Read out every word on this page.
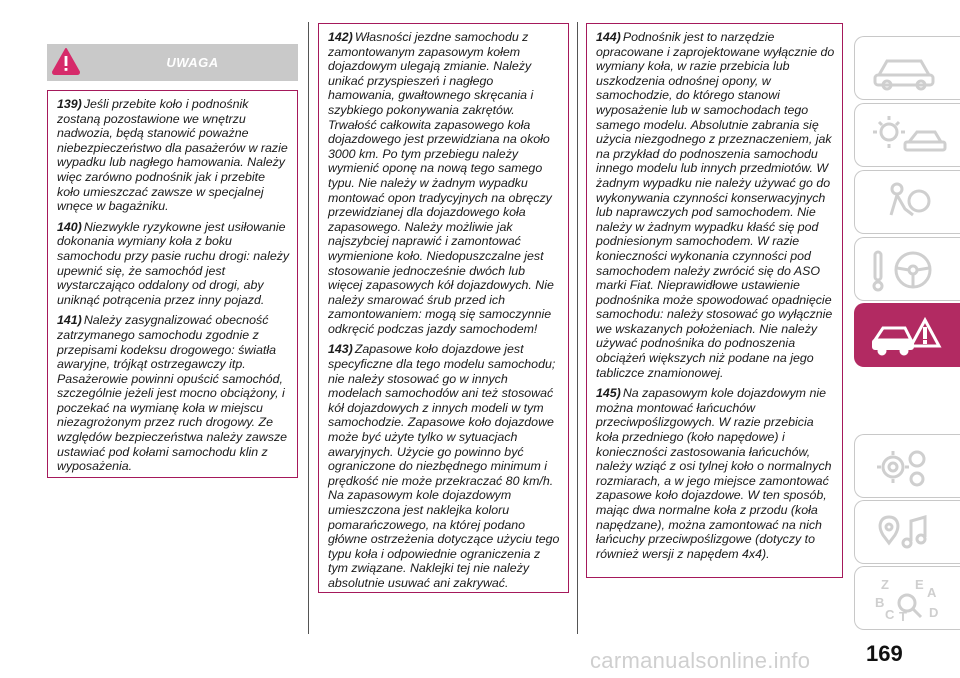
UWAGA

139) Jeśli przebite koło i podnośnik zostaną pozostawione we wnętrzu nadwozia, będą stanowić poważne niebezpieczeństwo dla pasażerów w razie wypadku lub nagłego hamowania. Należy więc zarówno podnośnik jak i przebite koło umieszczać zawsze w specjalnej wnęce w bagażniku.

140) Niezwykle ryzykowne jest usiłowanie dokonania wymiany koła z boku samochodu przy pasie ruchu drogi: należy upewnić się, że samochód jest wystarczająco oddalony od drogi, aby uniknąć potrącenia przez inny pojazd.

141) Należy zasygnalizować obecność zatrzymanego samochodu zgodnie z przepisami kodeksu drogowego: światła awaryjne, trójkąt ostrzegawczy itp. Pasażerowie powinni opuścić samochód, szczególnie jeżeli jest mocno obciążony, i poczekać na wymianę koła w miejscu niezagrożonym przez ruch drogowy. Ze względów bezpieczeństwa należy zawsze ustawiać pod kołami samochodu klin z wyposażenia.

142) Własności jezdne samochodu z zamontowanym zapasowym kołem dojazdowym ulegają zmianie. Należy unikać przyspieszeń i nagłego hamowania, gwałtownego skręcania i szybkiego pokonywania zakrętów. Trwałość całkowita zapasowego koła dojazdowego jest przewidziana na około 3000 km. Po tym przebiegu należy wymienić oponę na nową tego samego typu. Nie należy w żadnym wypadku montować opon tradycyjnych na obręczy przewidzianej dla dojazdowego koła zapasowego. Należy możliwie jak najszybciej naprawić i zamontować wymienione koło. Niedopuszczalne jest stosowanie jednocześnie dwóch lub więcej zapasowych kół dojazdowych. Nie należy smarować śrub przed ich zamontowaniem: mogą się samoczynnie odkręcić podczas jazdy samochodem!

143) Zapasowe koło dojazdowe jest specyficzne dla tego modelu samochodu; nie należy stosować go w innych modelach samochodów ani też stosować kół dojazdowych z innych modeli w tym samochodzie. Zapasowe koło dojazdowe może być użyte tylko w sytuacjach awaryjnych. Użycie go powinno być ograniczone do niezbędnego minimum i prędkość nie może przekraczać 80 km/h. Na zapasowym kole dojazdowym umieszczona jest naklejka koloru pomarańczowego, na której podano główne ostrzeżenia dotyczące użyciu tego typu koła i odpowiednie ograniczenia z tym związane. Naklejki tej nie należy absolutnie usuwać ani zakrywać.

144) Podnośnik jest to narzędzie opracowane i zaprojektowane wyłącznie do wymiany koła, w razie przebicia lub uszkodzenia odnośnej opony, w samochodzie, do którego stanowi wyposażenie lub w samochodach tego samego modelu. Absolutnie zabrania się użycia niezgodnego z przeznaczeniem, jak na przykład do podnoszenia samochodu innego modelu lub innych przedmiotów. W żadnym wypadku nie należy używać go do wykonywania czynności konserwacyjnych lub naprawczych pod samochodem. Nie należy w żadnym wypadku kłaść się pod podniesionym samochodem. W razie konieczności wykonania czynności pod samochodem należy zwrócić się do ASO marki Fiat. Nieprawidłowe ustawienie podnośnika może spowodować opadnięcie samochodu: należy stosować go wyłącznie we wskazanych położeniach. Nie należy używać podnośnika do podnoszenia obciążeń większych niż podane na jego tabliczce znamionowej.

145) Na zapasowym kole dojazdowym nie można montować łańcuchów przeciwpoślizgowych. W razie przebicia koła przedniego (koło napędowe) i konieczności zastosowania łańcuchów, należy wziąć z osi tylnej koło o normalnych rozmiarach, a w jego miejsce zamontować zapasowe koło dojazdowe. W ten sposób, mając dwa normalne koła z przodu (koła napędzane), można zamontować na nich łańcuchy przeciwpoślizgowe (dotyczy to również wersji z napędem 4x4).

Z E
A
B
C T D
169
carmanualsonline.info
